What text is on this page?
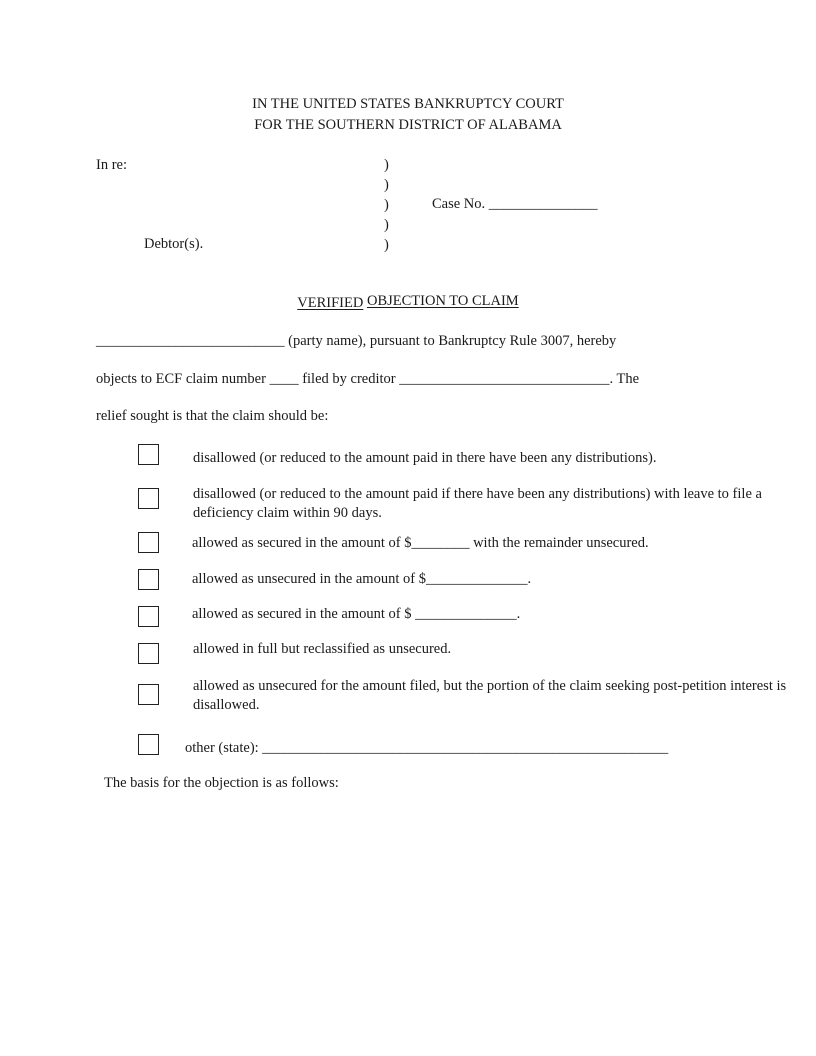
IN THE UNITED STATES BANKRUPTCY COURT
FOR THE SOUTHERN DISTRICT OF ALABAMA
In re:
Debtor(s).
)
)
)
)
)
Case No. _______________
VERIFIED OBJECTION TO CLAIM
__________________________ (party name), pursuant to Bankruptcy Rule 3007, hereby
objects to ECF claim number ____ filed by creditor _____________________________. The
relief sought is that the claim should be:
disallowed (or reduced to the amount paid in there have been any distributions).
disallowed (or reduced to the amount paid if there have been any distributions) with leave to file a deficiency claim within 90 days.
allowed as secured in the amount of $________ with the remainder unsecured.
allowed as unsecured in the amount of $______________.
allowed as secured in the amount of $ ______________.
allowed in full but reclassified as unsecured.
allowed as unsecured for the amount filed, but the portion of the claim seeking post-petition interest is disallowed.
other (state): ________________________________________________________
The basis for the objection is as follows:
